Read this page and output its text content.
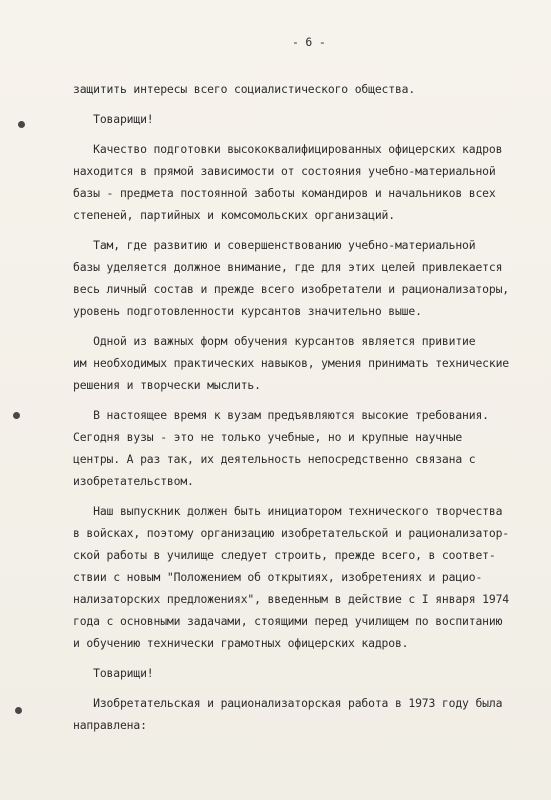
- 6 -
защитить интересы всего социалистического общества.
Товарищи!
Качество подготовки высококвалифицированных офицерских кадров
находится в прямой зависимости от состояния учебно-материальной
базы - предмета постоянной заботы командиров и начальников всех
степеней, партийных и комсомольских организаций.
Там, где развитию и совершенствованию учебно-материальной
базы уделяется должное внимание, где для этих целей привлекается
весь личный состав и прежде всего изобретатели и рационализаторы,
уровень подготовленности курсантов значительно выше.
Одной из важных форм обучения курсантов является привитие
им необходимых практических навыков, умения принимать технические
решения и творчески мыслить.
В настоящее время к вузам предъявляются высокие требования.
Сегодня вузы - это не только учебные, но и крупные научные
центры. А раз так, их деятельность непосредственно связана с
изобретательством.
Наш выпускник должен быть инициатором технического творчества
в войсках, поэтому организацию изобретательской и рационализатор-
ской работы в училище следует строить, прежде всего, в соответ-
ствии с новым "Положением об открытиях, изобретениях и рацио-
нализаторских предложениях", введенным в действие с I января 1974
года с основными задачами, стоящими перед училищем по воспитанию
и обучению технически грамотных офицерских кадров.
Товарищи!
Изобретательская и рационализаторская работа в 1973 году была
направлена:
